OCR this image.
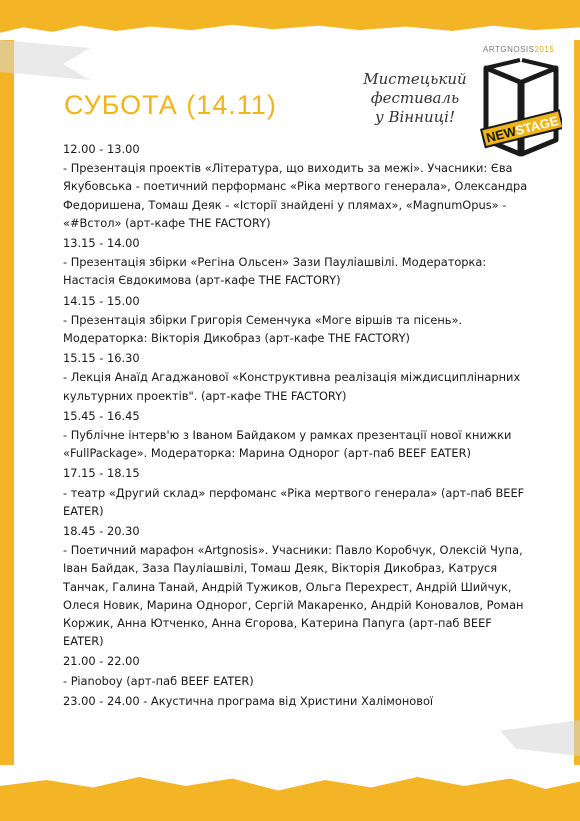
СУБОТА (14.11)
Мистецький
фестиваль
у Вінниці!
ARTGNOSIS2015
NEW
STAGE
12.00 - 13.00
- Презентація проектів «Література, що виходить за межі». Учасники: Єва Якубовська - поетичний перформанс «Ріка мертвого генерала», Олександра Федоришена, Томаш Деяк - «Історії знайдені у плямах», «MagnumOpus» - «#Встол» (арт-кафе THE FACTORY)
13.15 - 14.00
- Презентація збірки «Регіна Ольсен» Зази Пауліашвілі. Модераторка: Настасія Євдокимова (арт-кафе THE FACTORY)
14.15 - 15.00
- Презентація збірки Григорія Семенчука «Моге віршів та пісень». Модераторка: Вікторія Дикобраз (арт-кафе THE FACTORY)
15.15 - 16.30
- Лекція Анаїд Агаджанової «Конструктивна реалізація міждисциплінарних культурних проектів". (арт-кафе THE FACTORY)
15.45 - 16.45
- Публічне інтерв'ю з Іваном Байдаком у рамках презентації нової книжки «FullPackage». Модераторка: Марина Однорог (арт-паб BEEF EATER)
17.15 - 18.15
- театр «Другий склад» перфоманс «Ріка мертвого генерала» (арт-паб BEEF EATER)
18.45 - 20.30
- Поетичний марафон «Artgnosis». Учасники: Павло Коробчук, Олексій Чупа, Іван Байдак, Заза Пауліашвілі, Томаш Деяк, Вікторія Дикобраз, Катруся Танчак, Галина Танай, Андрій Тужиков, Ольга Перехрест, Андрій Шийчук, Олеся Новик, Марина Однорог, Сергій Макаренко, Андрій Коновалов, Роман Коржик, Анна Ютченко, Анна Єгорова, Катерина Папуга (арт-паб BEEF EATER)
21.00 - 22.00
- Pianoboy (арт-паб BEEF EATER)
23.00 - 24.00 - Акустична програма від Христини Халімонової
